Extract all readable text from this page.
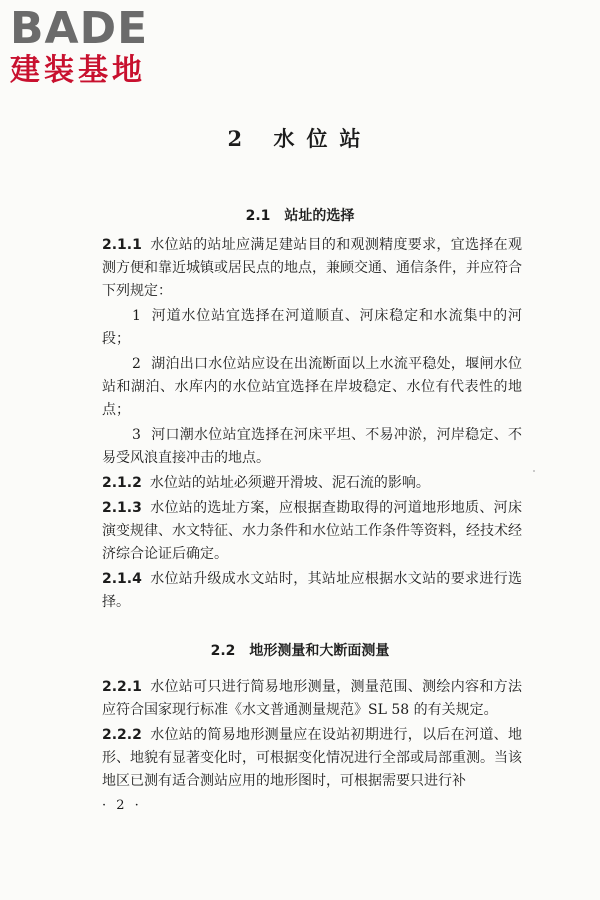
BADE
建装基地
2 水位站
2.1 站址的选择

2.1.1 水位站的站址应满足建站目的和观测精度要求，宜选择在观测方便和靠近城镇或居民点的地点，兼顾交通、通信条件，并应符合下列规定：

1 河道水位站宜选择在河道顺直、河床稳定和水流集中的河段；

2 湖泊出口水位站应设在出流断面以上水流平稳处，堰闸水位站和湖泊、水库内的水位站宜选择在岸坡稳定、水位有代表性的地点；

3 河口潮水位站宜选择在河床平坦、不易冲淤，河岸稳定、不易受风浪直接冲击的地点。

2.1.2 水位站的站址必须避开滑坡、泥石流的影响。

2.1.3 水位站的选址方案，应根据查勘取得的河道地形地质、河床演变规律、水文特征、水力条件和水位站工作条件等资料，经技术经济综合论证后确定。

2.1.4 水位站升级成水文站时，其站址应根据水文站的要求进行选择。

2.2 地形测量和大断面测量

2.2.1 水位站可只进行简易地形测量，测量范围、测绘内容和方法应符合国家现行标准《水文普通测量规范》SL 58 的有关规定。

2.2.2 水位站的简易地形测量应在设站初期进行，以后在河道、地形、地貌有显著变化时，可根据变化情况进行全部或局部重测。当该地区已测有适合测站应用的地形图时，可根据需要只进行补

· 2 ·
